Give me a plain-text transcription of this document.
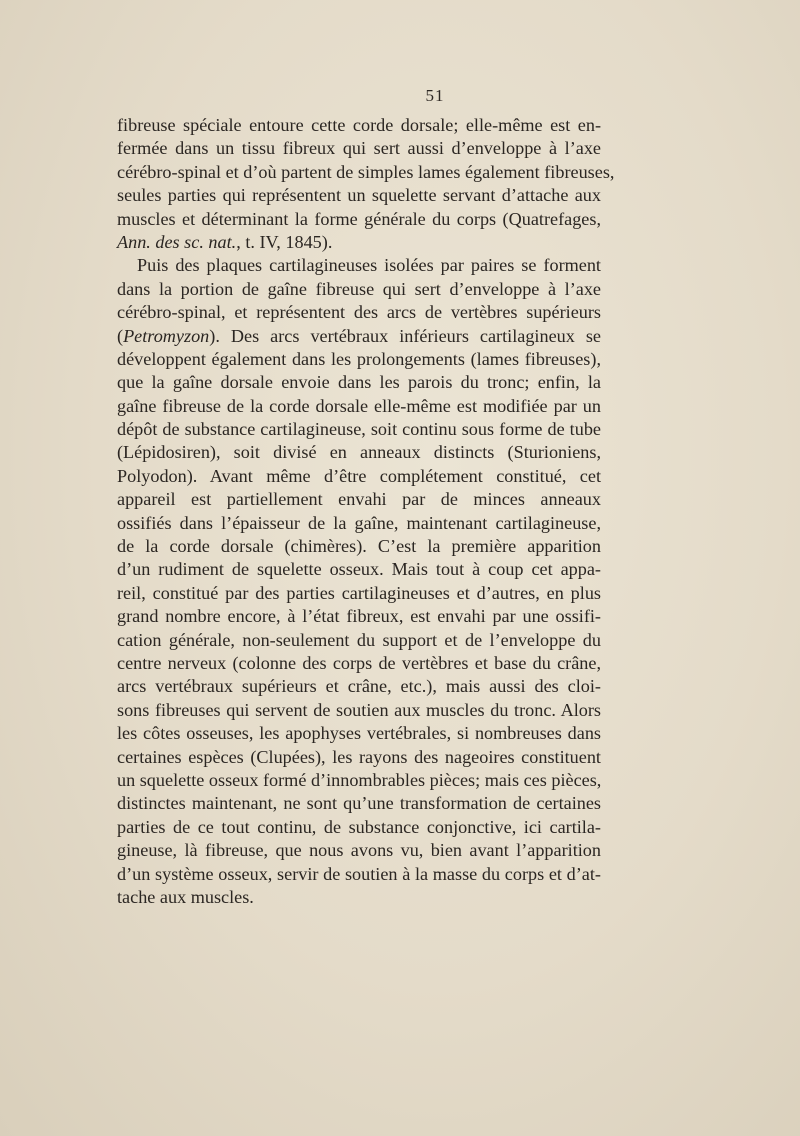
51
fibreuse spéciale entoure cette corde dorsale; elle-même est en-
fermée dans un tissu fibreux qui sert aussi d’enveloppe à l’axe
cérébro-spinal et d’où partent de simples lames également fibreuses,
seules parties qui représentent un squelette servant d’attache aux
muscles et déterminant la forme générale du corps (Quatrefages,
Ann. des sc. nat., t. IV, 1845).
Puis des plaques cartilagineuses isolées par paires se forment
dans la portion de gaîne fibreuse qui sert d’enveloppe à l’axe
cérébro-spinal, et représentent des arcs de vertèbres supérieurs
(Petromyzon). Des arcs vertébraux inférieurs cartilagineux se
développent également dans les prolongements (lames fibreuses),
que la gaîne dorsale envoie dans les parois du tronc; enfin, la
gaîne fibreuse de la corde dorsale elle-même est modifiée par un
dépôt de substance cartilagineuse, soit continu sous forme de tube
(Lépidosiren), soit divisé en anneaux distincts (Sturioniens,
Polyodon). Avant même d’être complétement constitué, cet
appareil est partiellement envahi par de minces anneaux
ossifiés dans l’épaisseur de la gaîne, maintenant cartilagineuse,
de la corde dorsale (chimères). C’est la première apparition
d’un rudiment de squelette osseux. Mais tout à coup cet appa-
reil, constitué par des parties cartilagineuses et d’autres, en plus
grand nombre encore, à l’état fibreux, est envahi par une ossifi-
cation générale, non-seulement du support et de l’enveloppe du
centre nerveux (colonne des corps de vertèbres et base du crâne,
arcs vertébraux supérieurs et crâne, etc.), mais aussi des cloi-
sons fibreuses qui servent de soutien aux muscles du tronc. Alors
les côtes osseuses, les apophyses vertébrales, si nombreuses dans
certaines espèces (Clupées), les rayons des nageoires constituent
un squelette osseux formé d’innombrables pièces; mais ces pièces,
distinctes maintenant, ne sont qu’une transformation de certaines
parties de ce tout continu, de substance conjonctive, ici cartila-
gineuse, là fibreuse, que nous avons vu, bien avant l’apparition
d’un système osseux, servir de soutien à la masse du corps et d’at-
tache aux muscles.
